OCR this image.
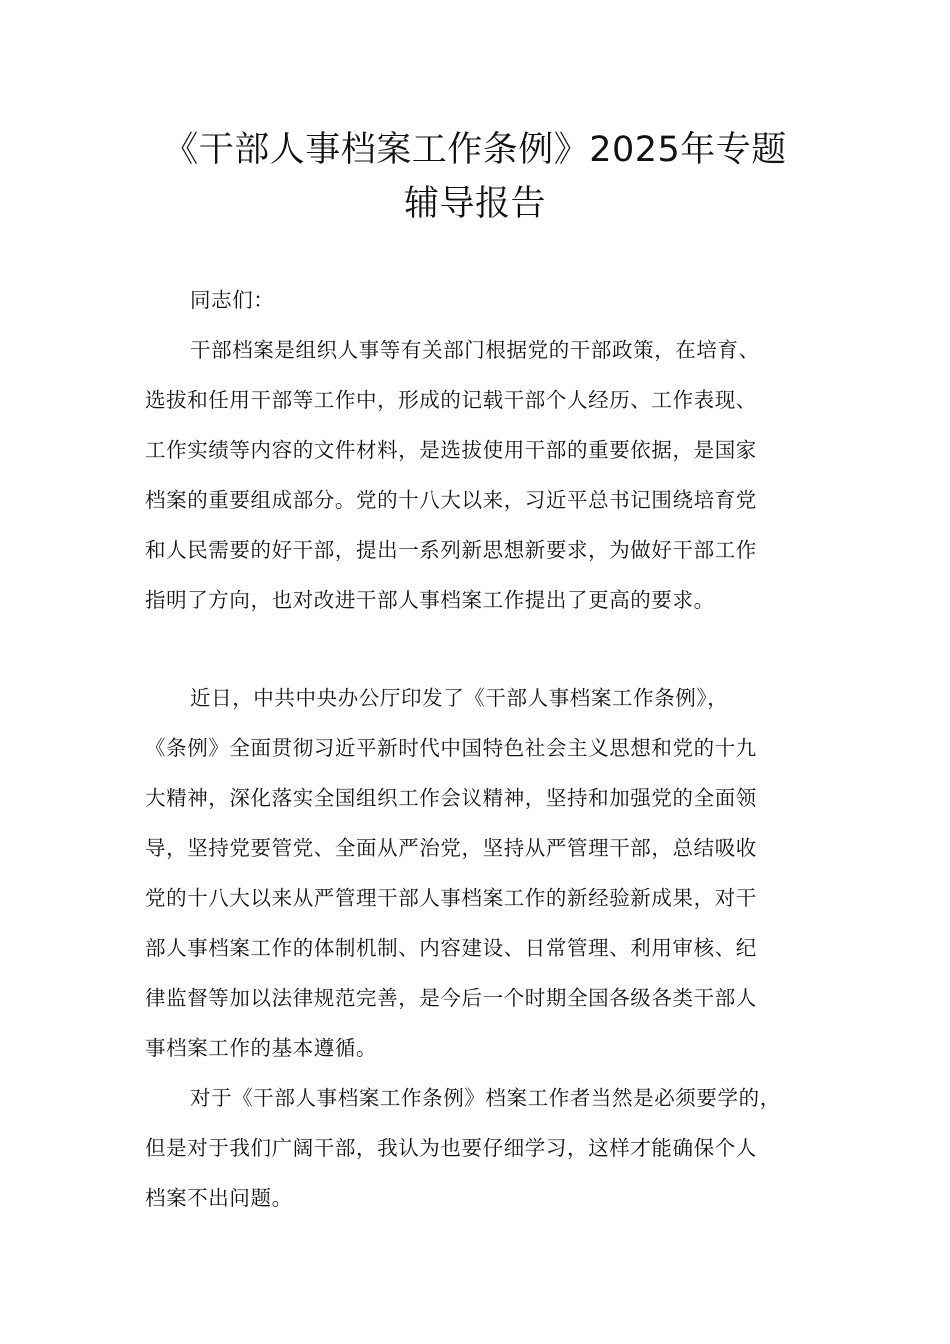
《干部人事档案工作条例》2025年专题
辅导报告
同志们：
干部档案是组织人事等有关部门根据党的干部政策，在培育、
选拔和任用干部等工作中，形成的记载干部个人经历、工作表现、
工作实绩等内容的文件材料，是选拔使用干部的重要依据，是国家
档案的重要组成部分。党的十八大以来，习近平总书记围绕培育党
和人民需要的好干部，提出一系列新思想新要求，为做好干部工作
指明了方向，也对改进干部人事档案工作提出了更高的要求。
近日，中共中央办公厅印发了《干部人事档案工作条例》，
《条例》全面贯彻习近平新时代中国特色社会主义思想和党的十九
大精神，深化落实全国组织工作会议精神，坚持和加强党的全面领
导，坚持党要管党、全面从严治党，坚持从严管理干部，总结吸收
党的十八大以来从严管理干部人事档案工作的新经验新成果，对干
部人事档案工作的体制机制、内容建设、日常管理、利用审核、纪
律监督等加以法律规范完善，是今后一个时期全国各级各类干部人
事档案工作的基本遵循。
对于《干部人事档案工作条例》档案工作者当然是必须要学的，
但是对于我们广阔干部，我认为也要仔细学习，这样才能确保个人
档案不出问题。
